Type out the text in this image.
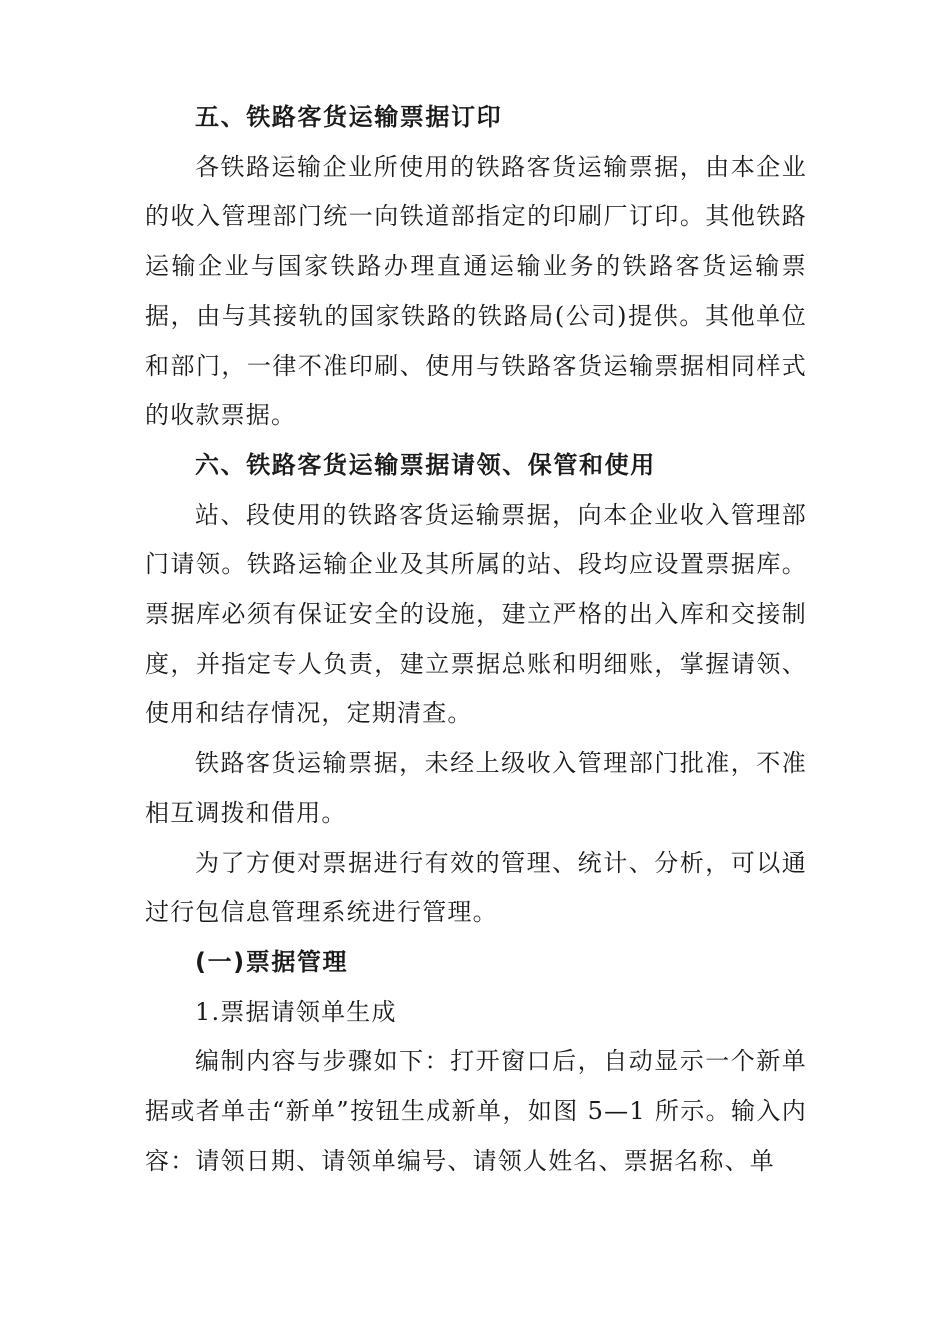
五、铁路客货运输票据订印

各铁路运输企业所使用的铁路客货运输票据，由本企业的收入管理部门统一向铁道部指定的印刷厂订印。其他铁路运输企业与国家铁路办理直通运输业务的铁路客货运输票据，由与其接轨的国家铁路的铁路局(公司)提供。其他单位和部门，一律不准印刷、使用与铁路客货运输票据相同样式的收款票据。

六、铁路客货运输票据请领、保管和使用

站、段使用的铁路客货运输票据，向本企业收入管理部门请领。铁路运输企业及其所属的站、段均应设置票据库。票据库必须有保证安全的设施，建立严格的出入库和交接制度，并指定专人负责，建立票据总账和明细账，掌握请领、使用和结存情况，定期清查。

铁路客货运输票据，未经上级收入管理部门批准，不准相互调拨和借用。

为了方便对票据进行有效的管理、统计、分析，可以通过行包信息管理系统进行管理。

(一)票据管理

1.票据请领单生成

编制内容与步骤如下：打开窗口后，自动显示一个新单据或者单击“新单”按钮生成新单，如图 5—1 所示。输入内容：请领日期、请领单编号、请领人姓名、票据名称、单
